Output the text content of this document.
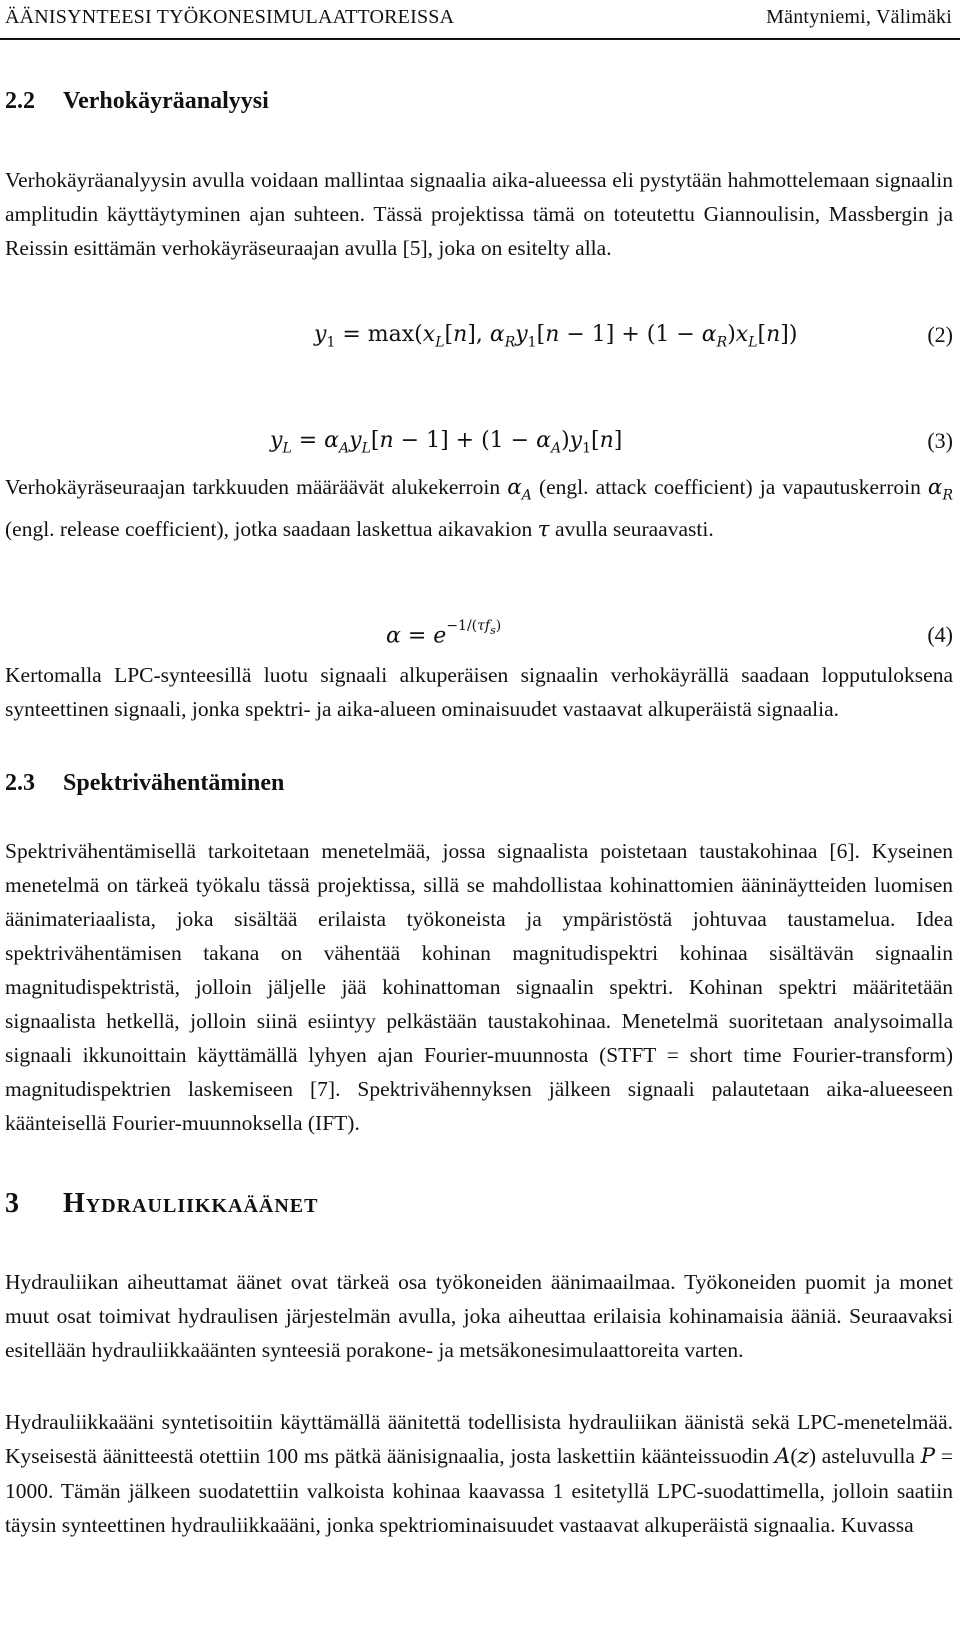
ÄÄNISYNTEESI TYÖKONESIMULAATTOREISSA	Mäntyniemi, Välimäki
2.2 Verhokäyräanalyysi
Verhokäyräanalyysin avulla voidaan mallintaa signaalia aika-alueessa eli pystytään hahmottelemaan signaalin amplitudin käyttäytyminen ajan suhteen. Tässä projektissa tämä on toteutettu Giannoulisin, Massbergin ja Reissin esittämän verhokäyräseuraajan avulla [5], joka on esitelty alla.
$y_1 = \max(x_L[n]$, $\alpha_Ry_1[n - 1] + (1 - \alpha_R)x_L[n]$)	(2)
$y_L = \alpha_Ay_L[n - 1] + (1 - \alpha_A)y_1[n]$	(3)
Verhokäyräseuraajan tarkkuuden määräävät alukekerroin $\alpha_A$ (engl. attack coefficient) ja vapautuskerroin $\alpha_R$ (engl. release coefficient), jotka saadaan laskettua aikavakion τ avulla seuraavasti.
$\alpha = e^{-1/(\tau f_s)}$	(4)
Kertomalla LPC-synteesillä luotu signaali alkuperäisen signaalin verhokäyrällä saadaan lopputuloksena synteettinen signaali, jonka spektri- ja aika-alueen ominaisuudet vastaavat alkuperäistä signaalia.
2.3 Spektrivähentäminen
Spektrivähentämisellä tarkoitetaan menetelmää, jossa signaalista poistetaan taustakohinaa [6]. Kyseinen menetelmä on tärkeä työkalu tässä projektissa, sillä se mahdollistaa kohinattomien ääninäytteiden luomisen äänimateriaalista, joka sisältää erilaista työkoneista ja ympäristöstä johtuvaa taustamelua. Idea spektrivähentämisen takana on vähentää kohinan magnitudispektri kohinaa sisältävän signaalin magnitudispektristä, jolloin jäljelle jää kohinattoman signaalin spektri. Kohinan spektri määritetään signaalista hetkellä, jolloin siinä esiintyy pelkästään taustakohinaa. Menetelmä suoritetaan analysoimalla signaali ikkunoittain käyttämällä lyhyen ajan Fourier-muunnosta (STFT = short time Fourier-transform) magnitudispektrien laskemiseen [7]. Spektrivähennyksen jälkeen signaali palautetaan aika-alueeseen käänteisellä Fourier-muunnoksella (IFT).
3 Hydrauliikkaäänet
Hydrauliikan aiheuttamat äänet ovat tärkeä osa työkoneiden äänimaailmaa. Työkoneiden puomit ja monet muut osat toimivat hydraulisen järjestelmän avulla, joka aiheuttaa erilaisia kohinamaisia ääniä. Seuraavaksi esitellään hydrauliikkaäänten synteesiä porakone- ja metsäkonesimulaattoreita varten.
Hydrauliikkaääni syntetisoitiin käyttämällä äänitettä todellisista hydrauliikan äänistä sekä LPC-menetelmää. Kyseisestä äänitteestä otettiin 100 ms pätkä äänisignaalia, josta laskettiin käänteissuodin A(z) asteluvulla P = 1000. Tämän jälkeen suodatettiin valkoista kohinaa kaavassa 1 esitetyllä LPC-suodattimella, jolloin saatiin täysin synteettinen hydrauliikkaääni, jonka spektriominaisuudet vastaavat alkuperäistä signaalia. Kuvassa
